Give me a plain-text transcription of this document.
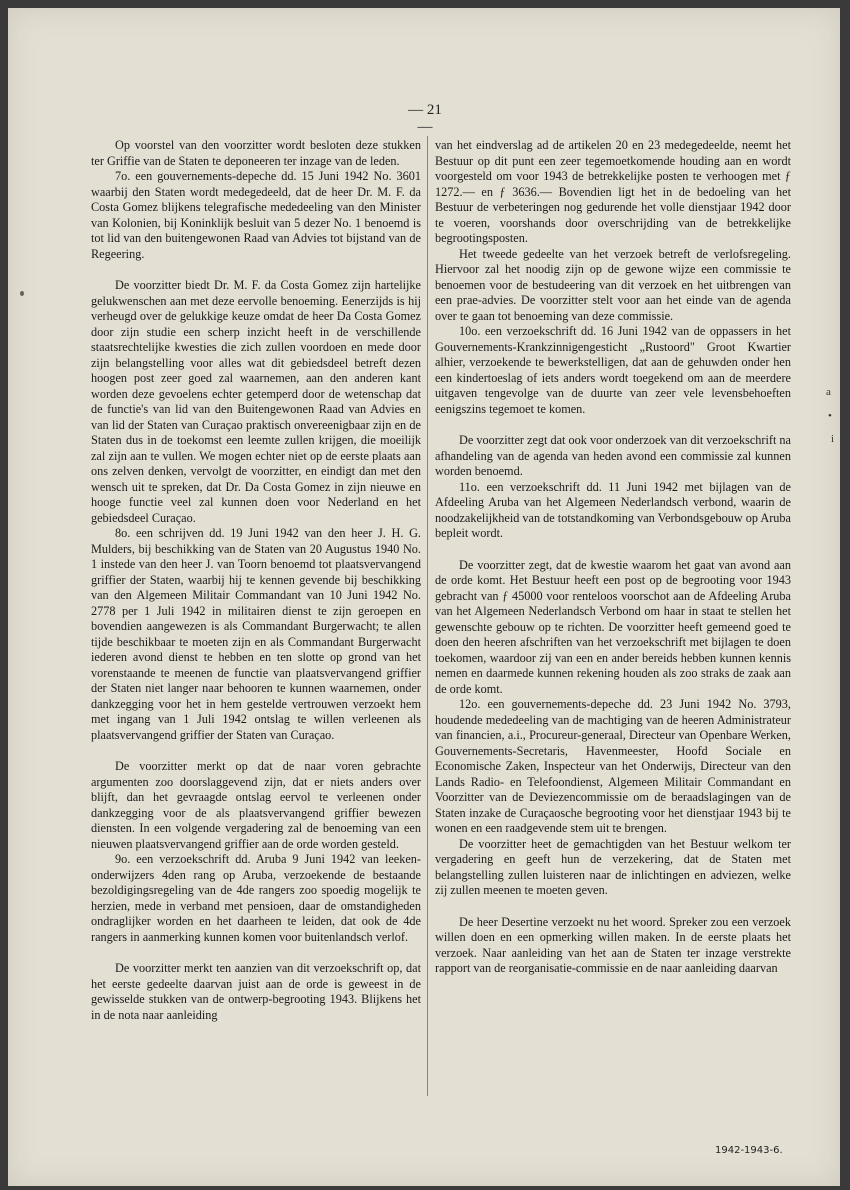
— 21 —

Op voorstel van den voorzitter wordt besloten deze stukken ter Griffie van de Staten te deponeeren ter inzage van de leden.

7o. een gouvernements-depeche dd. 15 Juni 1942 No. 3601 waarbij den Staten wordt medegedeeld, dat de heer Dr. M. F. da Costa Gomez blijkens telegrafische mededeeling van den Minister van Kolonien, bij Koninklijk besluit van 5 dezer No. 1 benoemd is tot lid van den buitengewonen Raad van Advies tot bijstand van de Regeering.

De voorzitter biedt Dr. M. F. da Costa Gomez zijn hartelijke gelukwenschen aan met deze eervolle benoeming. Eenerzijds is hij verheugd over de gelukkige keuze omdat de heer Da Costa Gomez door zijn studie een scherp inzicht heeft in de verschillende staatsrechtelijke kwesties die zich zullen voordoen en mede door zijn belangstelling voor alles wat dit gebiedsdeel betreft dezen hoogen post zeer goed zal waarnemen, aan den anderen kant worden deze gevoelens echter getemperd door de wetenschap dat de functie's van lid van den Buitengewonen Raad van Advies en van lid der Staten van Curaçao praktisch onvereenigbaar zijn en de Staten dus in de toekomst een leemte zullen krijgen, die moeilijk zal zijn aan te vullen. We mogen echter niet op de eerste plaats aan ons zelven denken, vervolgt de voorzitter, en eindigt dan met den wensch uit te spreken, dat Dr. Da Costa Gomez in zijn nieuwe en hooge functie veel zal kunnen doen voor Nederland en het gebiedsdeel Curaçao.

8o. een schrijven dd. 19 Juni 1942 van den heer J. H. G. Mulders, bij beschikking van de Staten van 20 Augustus 1940 No. 1 instede van den heer J. van Toorn benoemd tot plaatsvervangend griffier der Staten, waarbij hij te kennen gevende bij beschikking van den Algemeen Militair Commandant van 10 Juni 1942 No. 2778 per 1 Juli 1942 in militairen dienst te zijn geroepen en bovendien aangewezen is als Commandant Burgerwacht; te allen tijde beschikbaar te moeten zijn en als Commandant Burgerwacht iederen avond dienst te hebben en ten slotte op grond van het vorenstaande te meenen de functie van plaatsvervangend griffier der Staten niet langer naar behooren te kunnen waarnemen, onder dankzegging voor het in hem gestelde vertrouwen verzoekt hem met ingang van 1 Juli 1942 ontslag te willen verleenen als plaatsvervangend griffier der Staten van Curaçao.

De voorzitter merkt op dat de naar voren gebrachte argumenten zoo doorslaggevend zijn, dat er niets anders over blijft, dan het gevraagde ontslag eervol te verleenen onder dankzegging voor de als plaatsvervangend griffier bewezen diensten. In een volgende vergadering zal de benoeming van een nieuwen plaatsvervangend griffier aan de orde worden gesteld.

9o. een verzoekschrift dd. Aruba 9 Juni 1942 van leeken-onderwijzers 4den rang op Aruba, verzoekende de bestaande bezoldigingsregeling van de 4de rangers zoo spoedig mogelijk te herzien, mede in verband met pensioen, daar de omstandigheden ondraglijker worden en het daarheen te leiden, dat ook de 4de rangers in aanmerking kunnen komen voor buitenlandsch verlof.

De voorzitter merkt ten aanzien van dit verzoekschrift op, dat het eerste gedeelte daarvan juist aan de orde is geweest in de gewisselde stukken van de ontwerp-begrooting 1943. Blijkens het in de nota naar aanleiding

van het eindverslag ad de artikelen 20 en 23 medegedeelde, neemt het Bestuur op dit punt een zeer tegemoetkomende houding aan en wordt voorgesteld om voor 1943 de betrekkelijke posten te verhoogen met ƒ 1272.— en ƒ 3636.— Bovendien ligt het in de bedoeling van het Bestuur de verbeteringen nog gedurende het volle dienstjaar 1942 door te voeren, voorshands door overschrijding van de betrekkelijke begrootingsposten.

Het tweede gedeelte van het verzoek betreft de verlofsregeling. Hiervoor zal het noodig zijn op de gewone wijze een commissie te benoemen voor de bestudeering van dit verzoek en het uitbrengen van een prae-advies. De voorzitter stelt voor aan het einde van de agenda over te gaan tot benoeming van deze commissie.

10o. een verzoekschrift dd. 16 Juni 1942 van de oppassers in het Gouvernements-Krankzinnigengesticht „Rustoord" Groot Kwartier alhier, verzoekende te bewerkstelligen, dat aan de gehuwden onder hen een kindertoeslag of iets anders wordt toegekend om aan de meerdere uitgaven tengevolge van de duurte van zeer vele levensbehoeften eenigszins tegemoet te komen.

De voorzitter zegt dat ook voor onderzoek van dit verzoekschrift na afhandeling van de agenda van heden avond een commissie zal kunnen worden benoemd.

11o. een verzoekschrift dd. 11 Juni 1942 met bijlagen van de Afdeeling Aruba van het Algemeen Nederlandsch verbond, waarin de noodzakelijkheid van de totstandkoming van Verbondsgebouw op Aruba bepleit wordt.

De voorzitter zegt, dat de kwestie waarom het gaat van avond aan de orde komt. Het Bestuur heeft een post op de begrooting voor 1943 gebracht van ƒ 45000 voor renteloos voorschot aan de Afdeeling Aruba van het Algemeen Nederlandsch Verbond om haar in staat te stellen het gewenschte gebouw op te richten. De voorzitter heeft gemeend goed te doen den heeren afschriften van het verzoekschrift met bijlagen te doen toekomen, waardoor zij van een en ander bereids hebben kunnen kennis nemen en daarmede kunnen rekening houden als zoo straks de zaak aan de orde komt.

12o. een gouvernements-depeche dd. 23 Juni 1942 No. 3793, houdende mededeeling van de machtiging van de heeren Administrateur van financien, a.i., Procureur-generaal, Directeur van Openbare Werken, Gouvernements-Secretaris, Havenmeester, Hoofd Sociale en Economische Zaken, Inspecteur van het Onderwijs, Directeur van den Lands Radio- en Telefoondienst, Algemeen Militair Commandant en Voorzitter van de Deviezencommissie om de beraadslagingen van de Staten inzake de Curaçaosche begrooting voor het dienstjaar 1943 bij te wonen en een raadgevende stem uit te brengen.

De voorzitter heet de gemachtigden van het Bestuur welkom ter vergadering en geeft hun de verzekering, dat de Staten met belangstelling zullen luisteren naar de inlichtingen en adviezen, welke zij zullen meenen te moeten geven.

De heer Desertine verzoekt nu het woord. Spreker zou een verzoek willen doen en een opmerking willen maken. In de eerste plaats het verzoek. Naar aanleiding van het aan de Staten ter inzage verstrekte rapport van de reorganisatie-commissie en de naar aanleiding daarvan

a
•
i
1942-1943-6.
